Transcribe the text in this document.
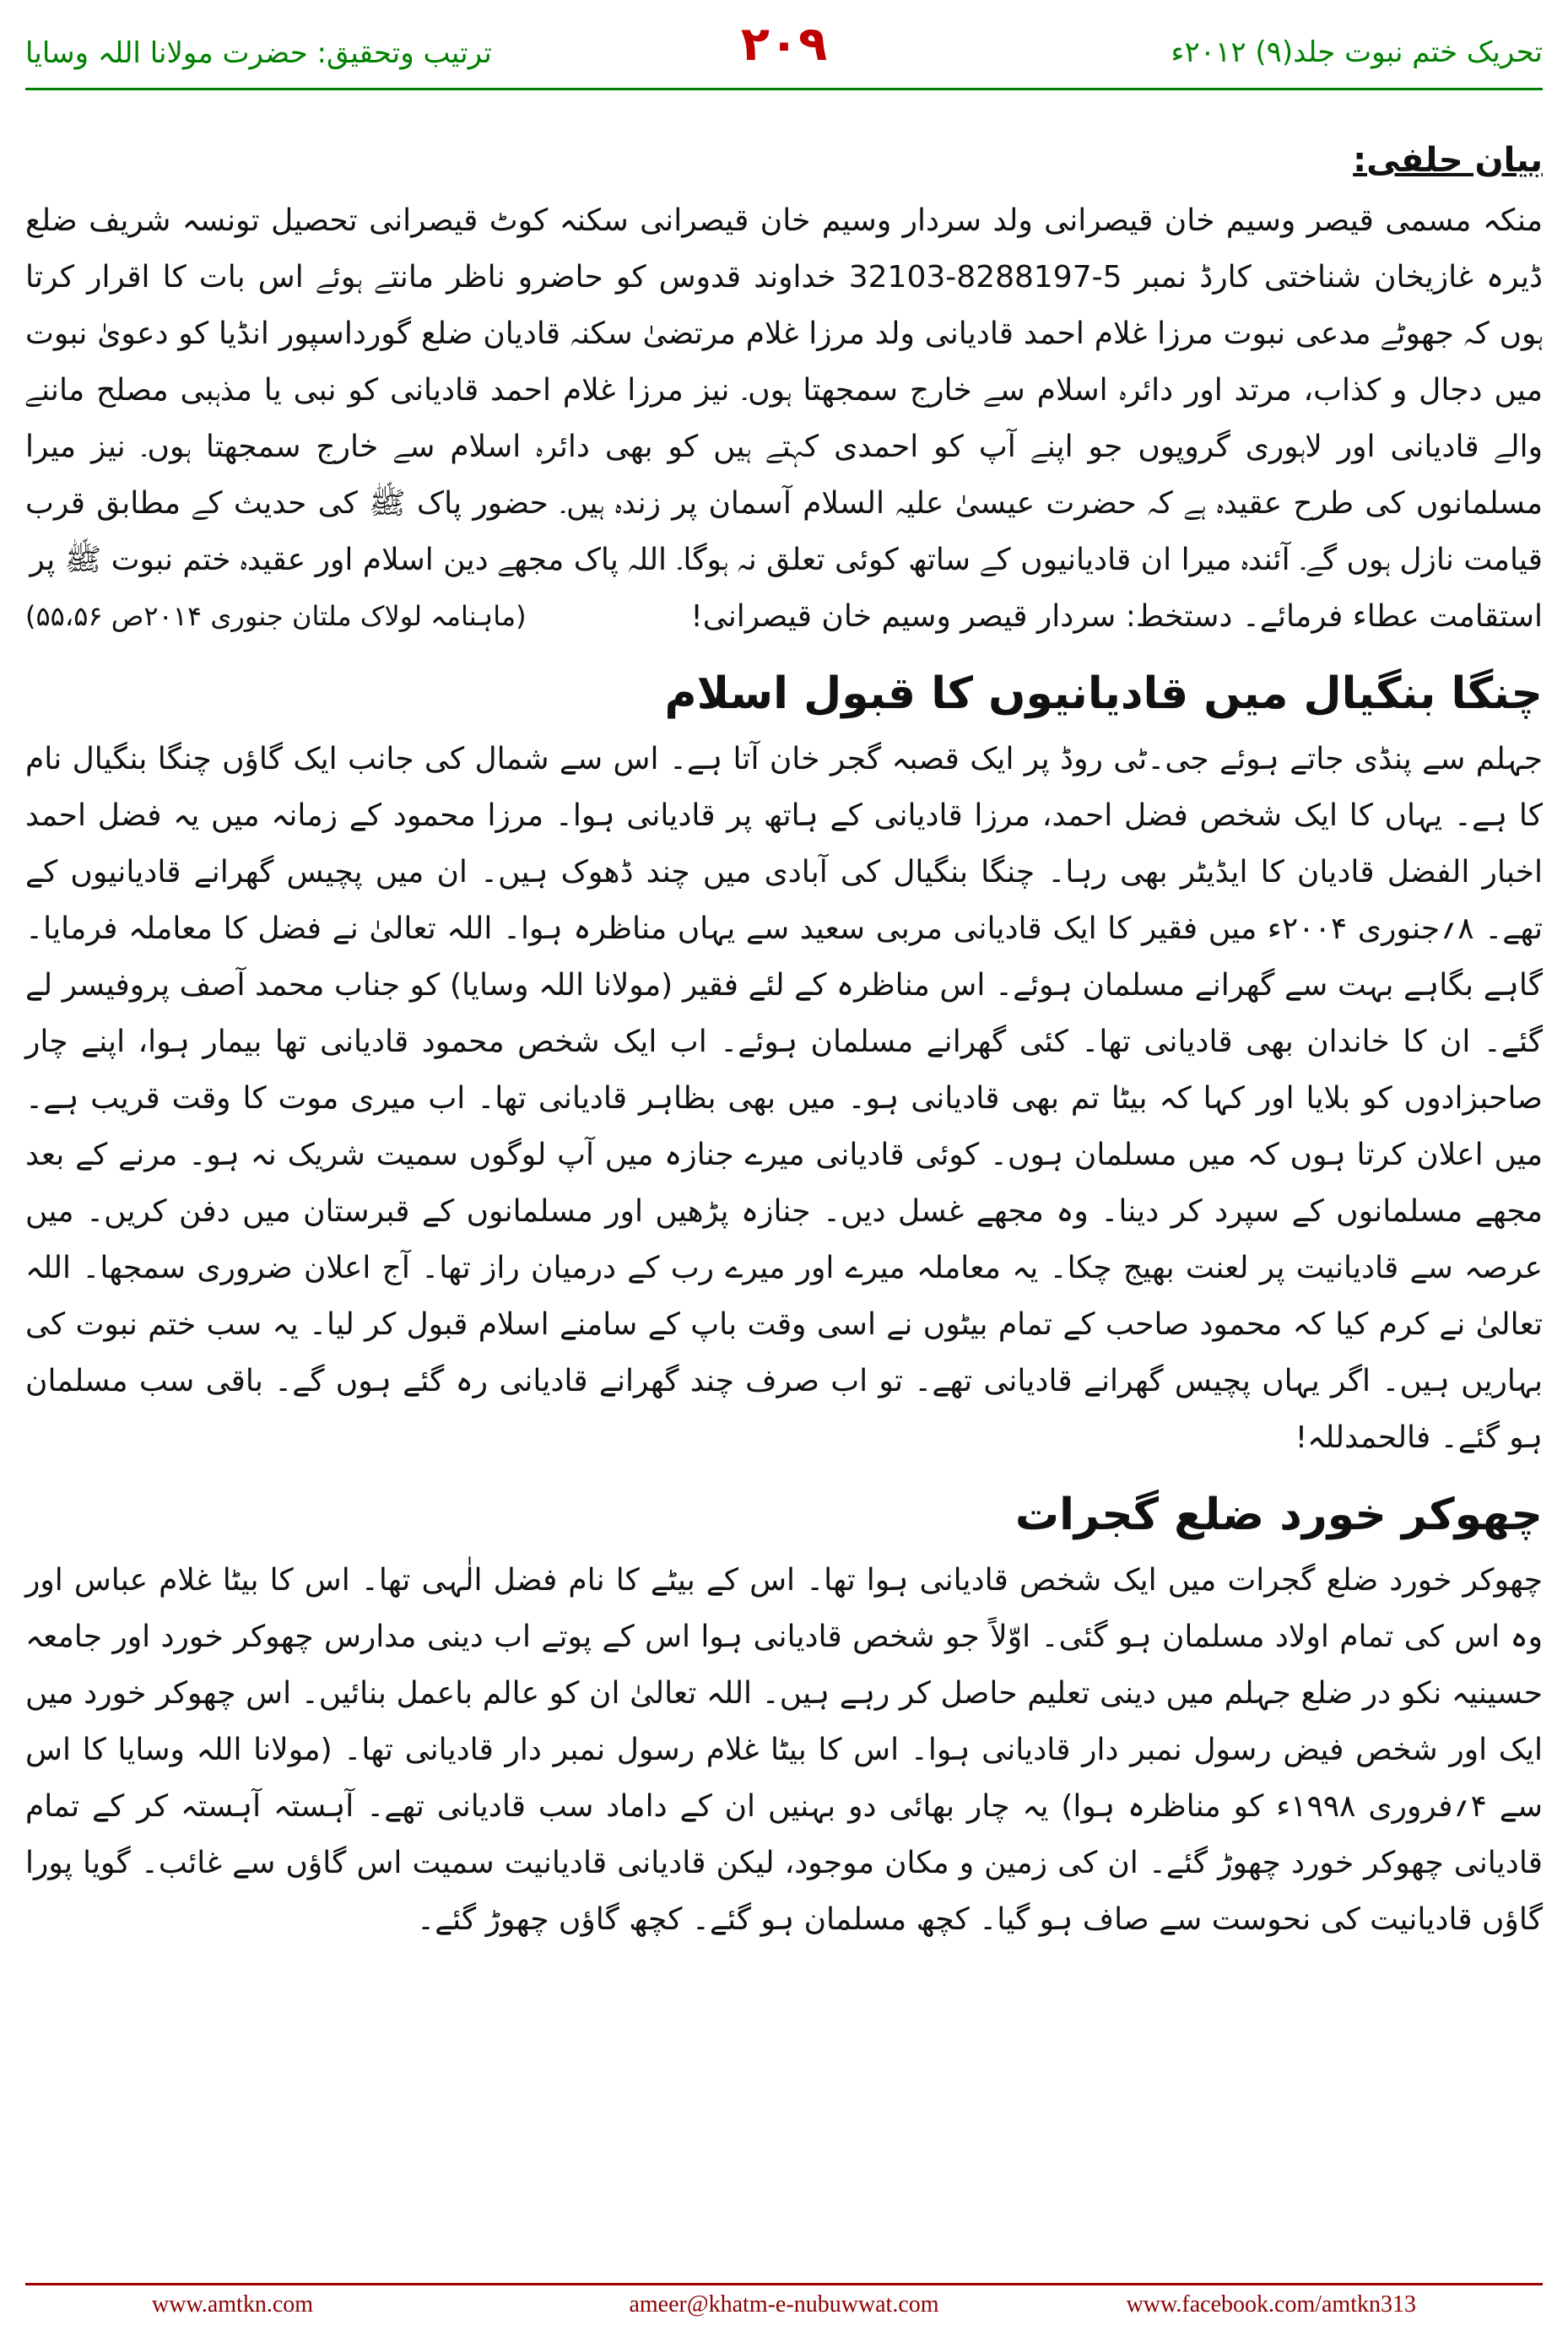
تحریک ختم نبوت جلد(۹) ۲۰۱۲ء
۲۰۹
ترتیب وتحقیق: حضرت مولانا اللہ وسایا
بیان حلفی:

منکہ مسمی قیصر وسیم خان قیصرانی ولد سردار وسیم خان قیصرانی سکنہ کوٹ قیصرانی تحصیل تونسہ شریف ضلع ڈیرہ غازیخان شناختی کارڈ نمبر 5-8288197-32103 خداوند قدوس کو حاضرو ناظر مانتے ہوئے اس بات کا اقرار کرتا ہوں کہ جھوٹے مدعی نبوت مرزا غلام احمد قادیانی ولد مرزا غلام مرتضیٰ سکنہ قادیان ضلع گورداسپور انڈیا کو دعویٰ نبوت میں دجال و کذاب، مرتد اور دائرہ اسلام سے خارج سمجھتا ہوں۔ نیز مرزا غلام احمد قادیانی کو نبی یا مذہبی مصلح ماننے والے قادیانی اور لاہوری گروپوں جو اپنے آپ کو احمدی کہتے ہیں کو بھی دائرہ اسلام سے خارج سمجھتا ہوں۔ نیز میرا مسلمانوں کی طرح عقیدہ ہے کہ حضرت عیسیٰ علیہ السلام آسمان پر زندہ ہیں۔ حضور پاک ﷺ کی حدیث کے مطابق قرب قیامت نازل ہوں گے۔ آئندہ میرا ان قادیانیوں کے ساتھ کوئی تعلق نہ ہوگا۔ اللہ پاک مجھے دین اسلام اور عقیدہ ختم نبوت ﷺ پر

استقامت عطاء فرمائے۔ دستخط: سردار قیصر وسیم خان قیصرانی!
(ماہنامہ لولاک ملتان جنوری ۲۰۱۴ص ۵۵،۵۶)
چنگا بنگیال میں قادیانیوں کا قبول اسلام

جہلم سے پنڈی جاتے ہوئے جی۔ٹی روڈ پر ایک قصبہ گجر خان آتا ہے۔ اس سے شمال کی جانب ایک گاؤں چنگا بنگیال نام کا ہے۔ یہاں کا ایک شخص فضل احمد، مرزا قادیانی کے ہاتھ پر قادیانی ہوا۔ مرزا محمود کے زمانہ میں یہ فضل احمد اخبار الفضل قادیان کا ایڈیٹر بھی رہا۔ چنگا بنگیال کی آبادی میں چند ڈھوک ہیں۔ ان میں پچیس گھرانے قادیانیوں کے تھے۔ ۸؍جنوری ۲۰۰۴ء میں فقیر کا ایک قادیانی مربی سعید سے یہاں مناظرہ ہوا۔ اللہ تعالیٰ نے فضل کا معاملہ فرمایا۔ گاہے بگاہے بہت سے گھرانے مسلمان ہوئے۔ اس مناظرہ کے لئے فقیر (مولانا اللہ وسایا) کو جناب محمد آصف پروفیسر لے گئے۔ ان کا خاندان بھی قادیانی تھا۔ کئی گھرانے مسلمان ہوئے۔ اب ایک شخص محمود قادیانی تھا بیمار ہوا، اپنے چار صاحبزادوں کو بلایا اور کہا کہ بیٹا تم بھی قادیانی ہو۔ میں بھی بظاہر قادیانی تھا۔ اب میری موت کا وقت قریب ہے۔ میں اعلان کرتا ہوں کہ میں مسلمان ہوں۔ کوئی قادیانی میرے جنازہ میں آپ لوگوں سمیت شریک نہ ہو۔ مرنے کے بعد مجھے مسلمانوں کے سپرد کر دینا۔ وہ مجھے غسل دیں۔ جنازہ پڑھیں اور مسلمانوں کے قبرستان میں دفن کریں۔ میں عرصہ سے قادیانیت پر لعنت بھیج چکا۔ یہ معاملہ میرے اور میرے رب کے درمیان راز تھا۔ آج اعلان ضروری سمجھا۔ اللہ تعالیٰ نے کرم کیا کہ محمود صاحب کے تمام بیٹوں نے اسی وقت باپ کے سامنے اسلام قبول کر لیا۔ یہ سب ختم نبوت کی بہاریں ہیں۔ اگر یہاں پچیس گھرانے قادیانی تھے۔ تو اب صرف چند گھرانے قادیانی رہ گئے ہوں گے۔ باقی سب مسلمان ہو گئے۔ فالحمدللہ!

چھوکر خورد ضلع گجرات

چھوکر خورد ضلع گجرات میں ایک شخص قادیانی ہوا تھا۔ اس کے بیٹے کا نام فضل الٰہی تھا۔ اس کا بیٹا غلام عباس اور وہ اس کی تمام اولاد مسلمان ہو گئی۔ اوّلاً جو شخص قادیانی ہوا اس کے پوتے اب دینی مدارس چھوکر خورد اور جامعہ حسینیہ نکو در ضلع جہلم میں دینی تعلیم حاصل کر رہے ہیں۔ اللہ تعالیٰ ان کو عالم باعمل بنائیں۔ اس چھوکر خورد میں ایک اور شخص فیض رسول نمبر دار قادیانی ہوا۔ اس کا بیٹا غلام رسول نمبر دار قادیانی تھا۔ (مولانا اللہ وسایا کا اس سے ۴؍فروری ۱۹۹۸ء کو مناظرہ ہوا) یہ چار بھائی دو بہنیں ان کے داماد سب قادیانی تھے۔ آہستہ آہستہ کر کے تمام قادیانی چھوکر خورد چھوڑ گئے۔ ان کی زمین و مکان موجود، لیکن قادیانی قادیانیت سمیت اس گاؤں سے غائب۔ گویا پورا گاؤں قادیانیت کی نحوست سے صاف ہو گیا۔ کچھ مسلمان ہو گئے۔ کچھ گاؤں چھوڑ گئے۔

www.amtkn.com	ameer@khatm-e-nubuwwat.com	www.facebook.com/amtkn313
